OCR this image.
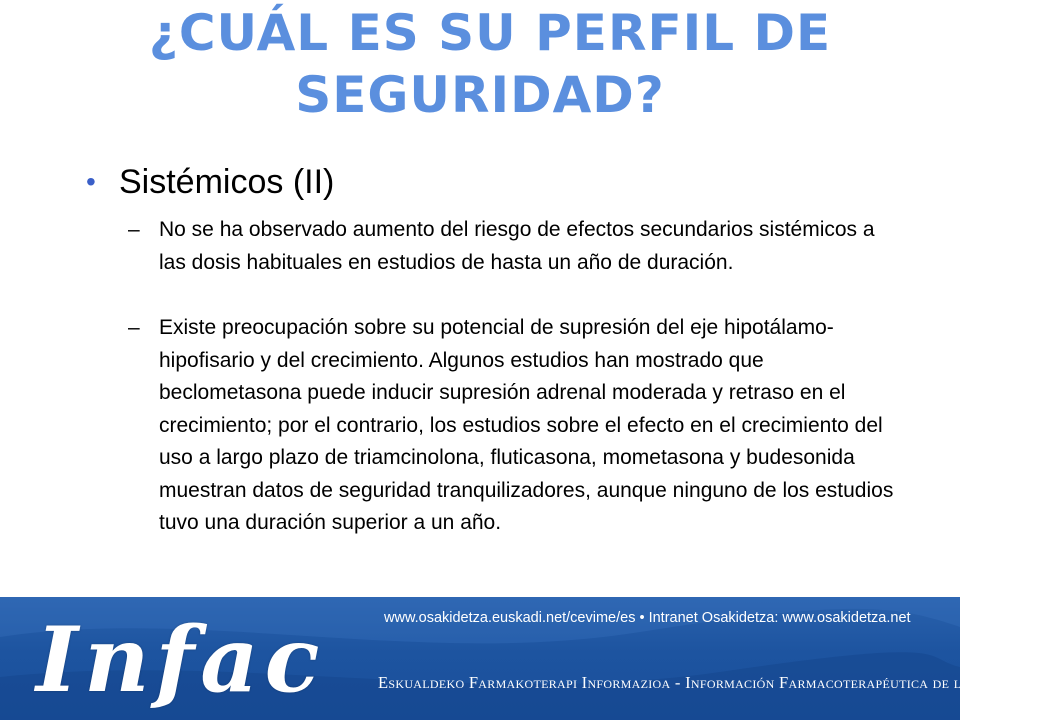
¿CUÁL ES SU PERFIL DE
SEGURIDAD?
• Sistémicos (II)
– No se ha observado aumento del riesgo de efectos secundarios sistémicos a las dosis habituales en estudios de hasta un año de duración.
– Existe preocupación sobre su potencial de supresión del eje hipotálamo-hipofisario y del crecimiento. Algunos estudios han mostrado que beclometasona puede inducir supresión adrenal moderada y retraso en el crecimiento; por el contrario, los estudios sobre el efecto en el crecimiento del uso a largo plazo de triamcinolona, fluticasona, mometasona y budesonida muestran datos de seguridad tranquilizadores, aunque ninguno de los estudios tuvo una duración superior a un año.
Infac	www.osakidetza.euskadi.net/cevime/es • Intranet Osakidetza: www.osakidetza.net
Eskualdeko Farmakoterapi Informazioa - Información Farmacoterapéutica de la Comarca
